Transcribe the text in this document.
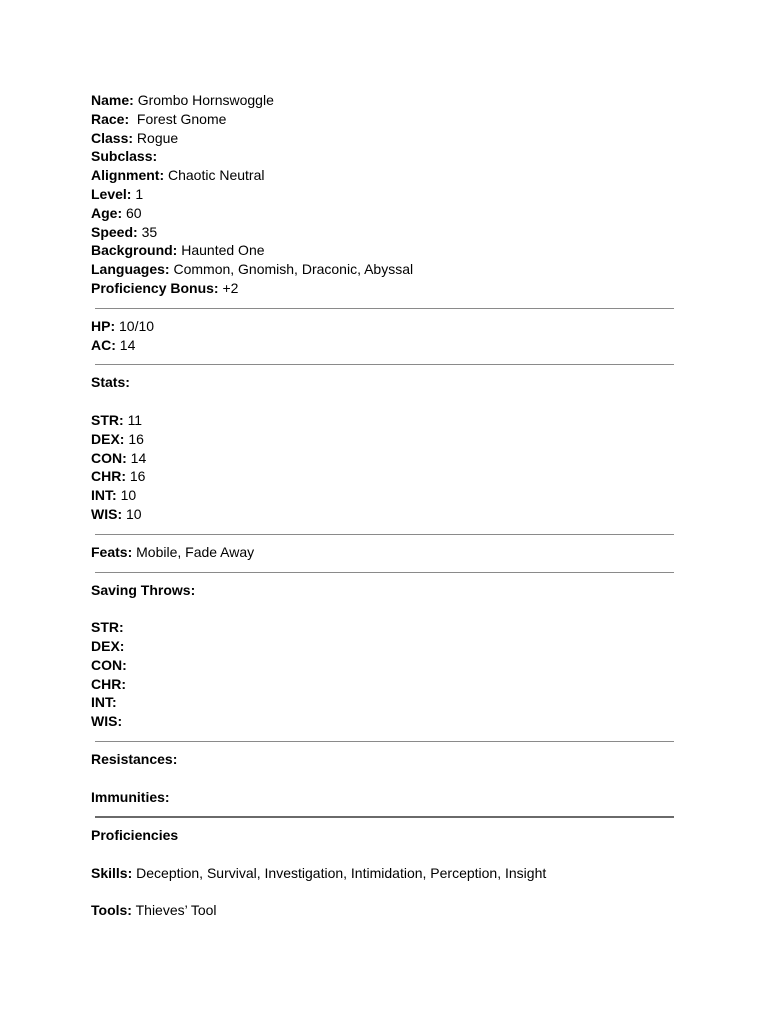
Name: Grombo Hornswoggle
Race: Forest Gnome
Class: Rogue
Subclass:
Alignment: Chaotic Neutral
Level: 1
Age: 60
Speed: 35
Background: Haunted One
Languages: Common, Gnomish, Draconic, Abyssal
Proficiency Bonus: +2
HP: 10/10
AC: 14
Stats:
STR: 11
DEX: 16
CON: 14
CHR: 16
INT: 10
WIS: 10
Feats: Mobile, Fade Away
Saving Throws:
STR:
DEX:
CON:
CHR:
INT:
WIS:
Resistances:
Immunities:
Proficiencies
Skills: Deception, Survival, Investigation, Intimidation, Perception, Insight
Tools: Thieves’ Tool
